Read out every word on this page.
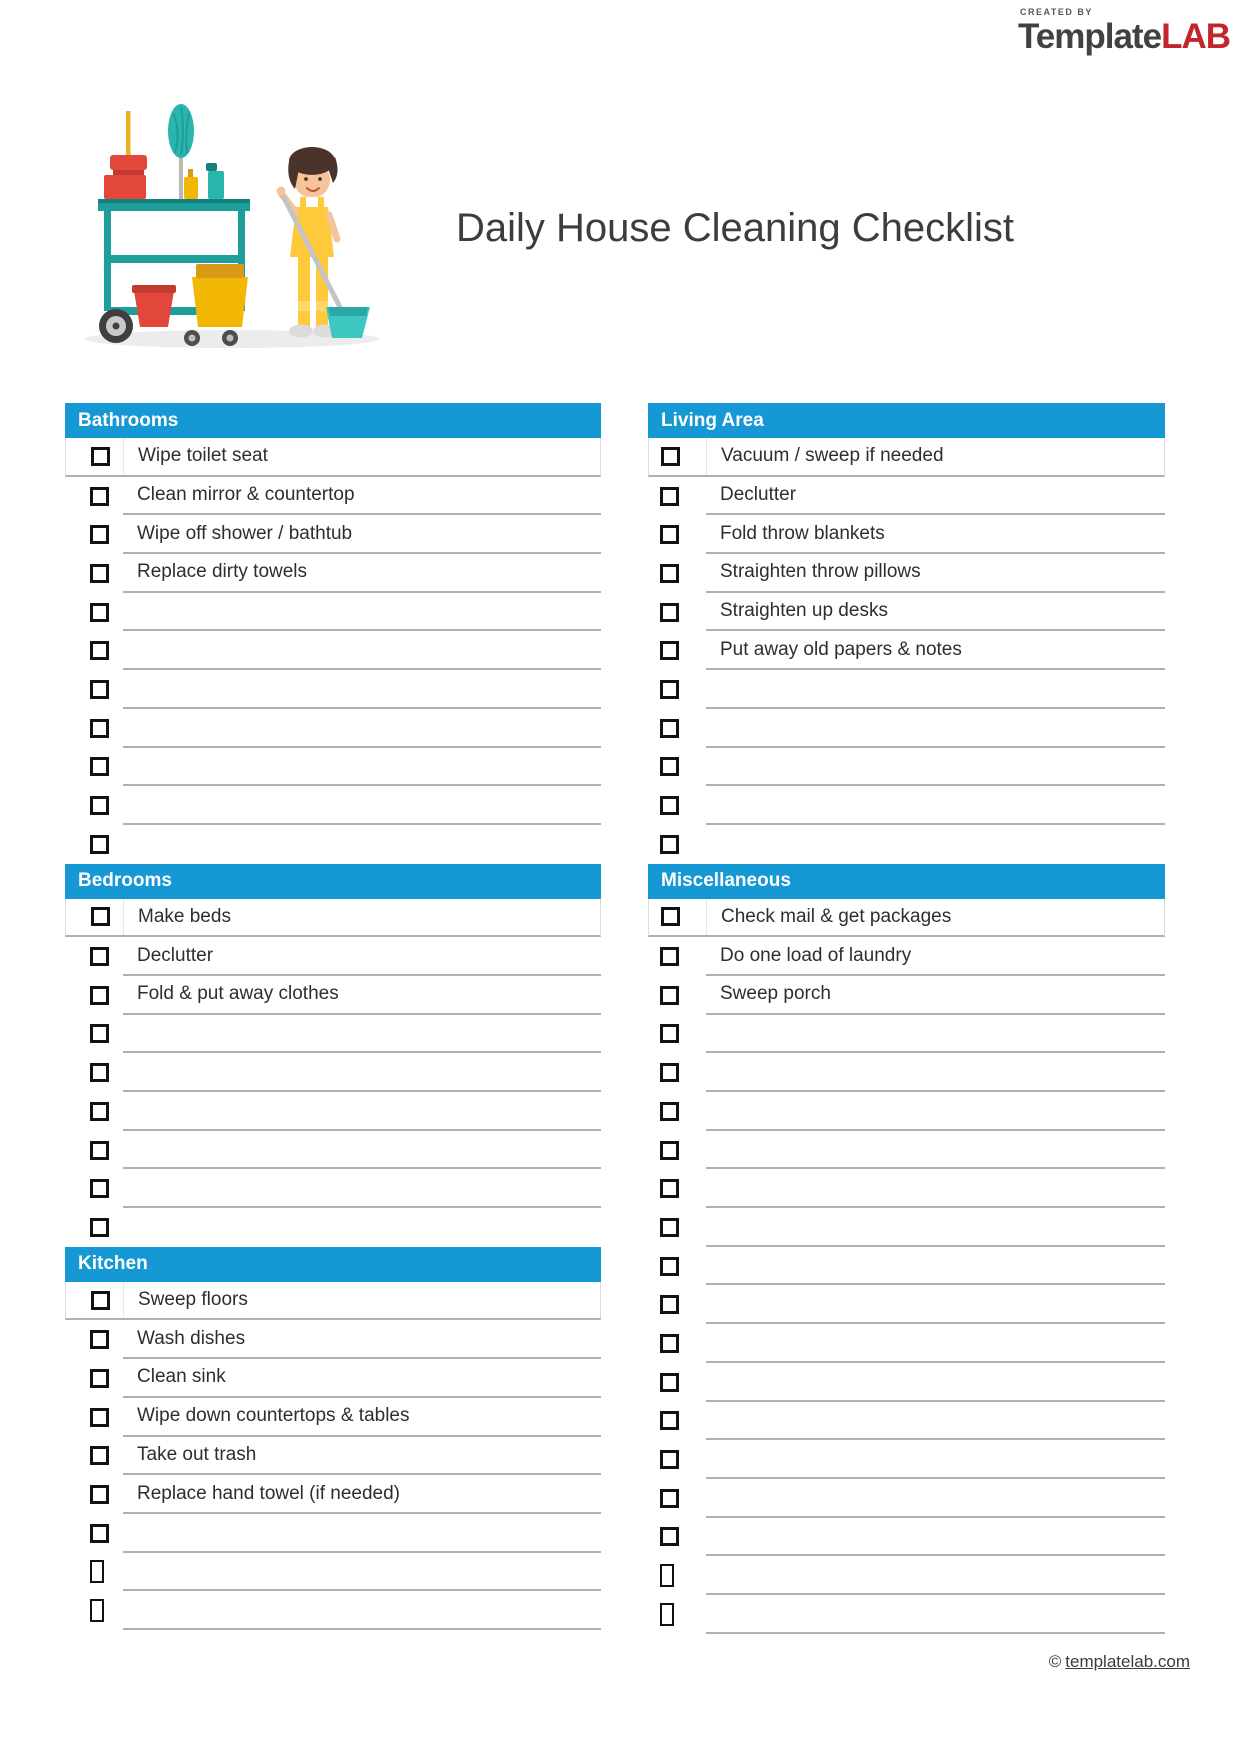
CREATED BY
TemplateLAB
Daily House Cleaning Checklist
Bathrooms
Wipe toilet seat
Clean mirror & countertop
Wipe off shower / bathtub
Replace dirty towels
Bedrooms
Make beds
Declutter
Fold & put away clothes
Kitchen
Sweep floors
Wash dishes
Clean sink
Wipe down countertops & tables
Take out trash
Replace hand towel (if needed)
Living Area
Vacuum / sweep if needed
Declutter
Fold throw blankets
Straighten throw pillows
Straighten up desks
Put away old papers & notes
Miscellaneous
Check mail & get packages
Do one load of laundry
Sweep porch
© templatelab.com
